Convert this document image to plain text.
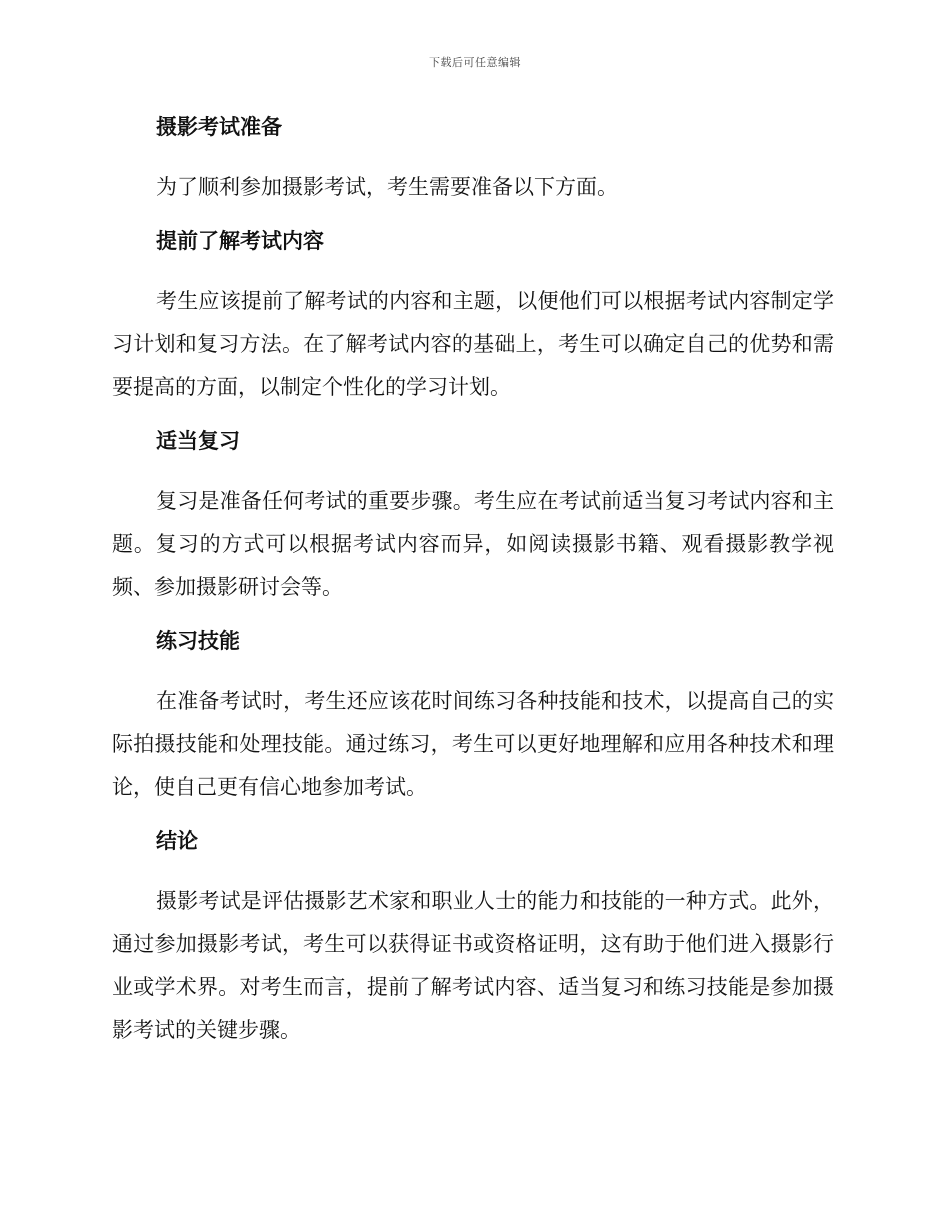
下载后可任意编辑
摄影考试准备

为了顺利参加摄影考试，考生需要准备以下方面。

提前了解考试内容

考生应该提前了解考试的内容和主题，以便他们可以根据考试内容制定学习计划和复习方法。在了解考试内容的基础上，考生可以确定自己的优势和需要提高的方面，以制定个性化的学习计划。

适当复习

复习是准备任何考试的重要步骤。考生应在考试前适当复习考试内容和主题。复习的方式可以根据考试内容而异，如阅读摄影书籍、观看摄影教学视频、参加摄影研讨会等。

练习技能

在准备考试时，考生还应该花时间练习各种技能和技术，以提高自己的实际拍摄技能和处理技能。通过练习，考生可以更好地理解和应用各种技术和理论，使自己更有信心地参加考试。

结论

摄影考试是评估摄影艺术家和职业人士的能力和技能的一种方式。此外，通过参加摄影考试，考生可以获得证书或资格证明，这有助于他们进入摄影行业或学术界。对考生而言，提前了解考试内容、适当复习和练习技能是参加摄影考试的关键步骤。
